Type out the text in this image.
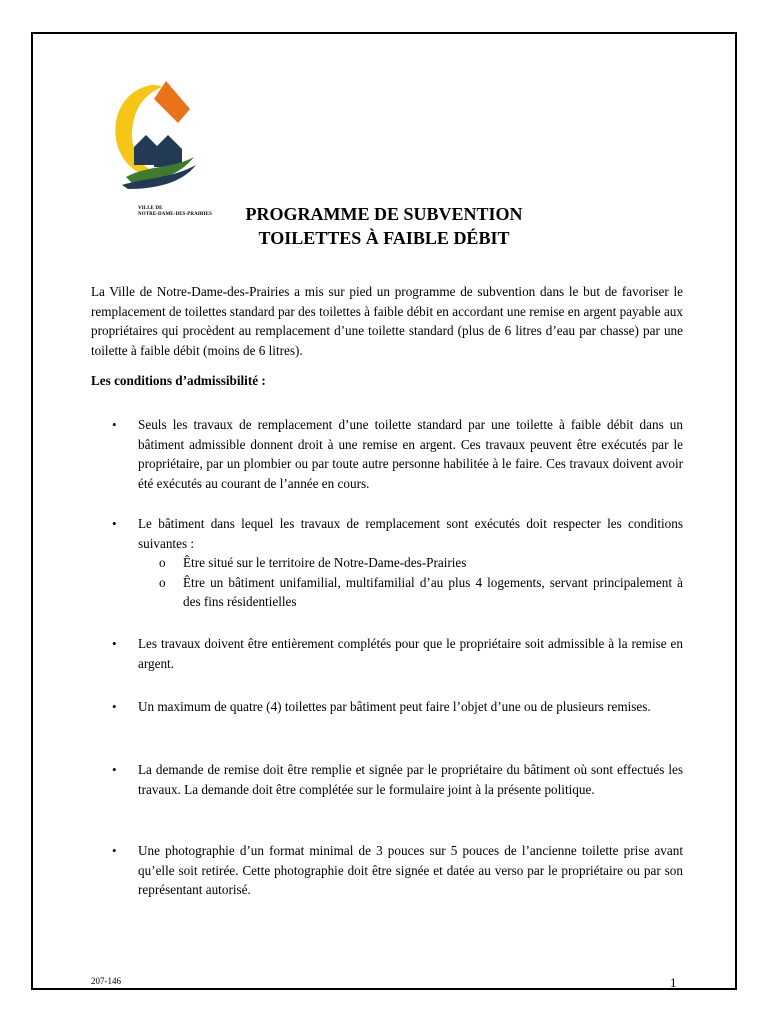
VILLE DE
NOTRE-DAME-DES-PRAIRIES	PROGRAMME DE SUBVENTION
TOILETTES À FAIBLE DÉBIT
La Ville de Notre-Dame-des-Prairies a mis sur pied un programme de subvention dans le but de favoriser le remplacement de toilettes standard par des toilettes à faible débit en accordant une remise en argent payable aux propriétaires qui procèdent au remplacement d’une toilette standard (plus de 6 litres d’eau par chasse) par une toilette à faible débit (moins de 6 litres).
Les conditions d’admissibilité :
• Seuls les travaux de remplacement d’une toilette standard par une toilette à faible débit dans un bâtiment admissible donnent droit à une remise en argent. Ces travaux peuvent être exécutés par le propriétaire, par un plombier ou par toute autre personne habilitée à le faire. Ces travaux doivent avoir été exécutés au courant de l’année en cours.
• Le bâtiment dans lequel les travaux de remplacement sont exécutés doit respecter les conditions suivantes :
o Être situé sur le territoire de Notre-Dame-des-Prairies
o Être un bâtiment unifamilial, multifamilial d’au plus 4 logements, servant principalement à des fins résidentielles
• Les travaux doivent être entièrement complétés pour que le propriétaire soit admissible à la remise en argent.
• Un maximum de quatre (4) toilettes par bâtiment peut faire l’objet d’une ou de plusieurs remises.
• La demande de remise doit être remplie et signée par le propriétaire du bâtiment où sont effectués les travaux. La demande doit être complétée sur le formulaire joint à la présente politique.
• Une photographie d’un format minimal de 3 pouces sur 5 pouces de l’ancienne toilette prise avant qu’elle soit retirée. Cette photographie doit être signée et datée au verso par le propriétaire ou par son représentant autorisé.
207-146	1
